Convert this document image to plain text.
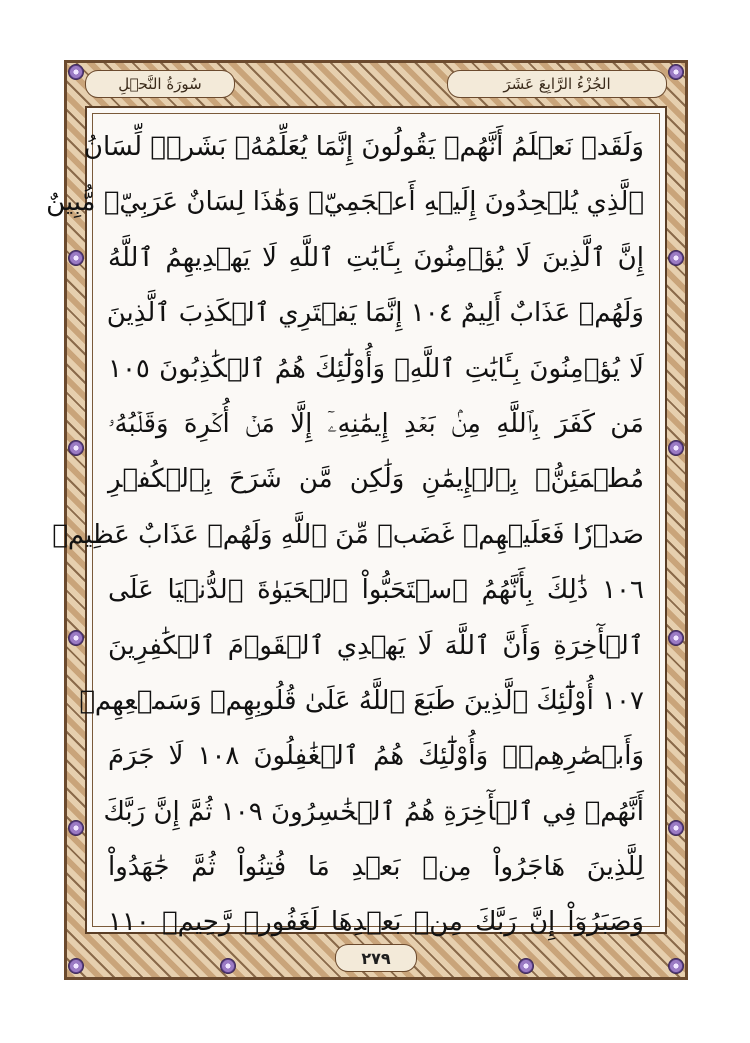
سُورَةُ النَّحۡلِ	الجُزْءُ الرَّابِعَ عَشَرَ
وَلَقَدۡ نَعۡلَمُ أَنَّهُمۡ يَقُولُونَ إِنَّمَا يُعَلِّمُهُۥ بَشَرٞۗ لِّسَانُ
ٱلَّذِي يُلۡحِدُونَ إِلَيۡهِ أَعۡجَمِيّٞ وَهَٰذَا لِسَانٌ عَرَبِيّٞ مُّبِينٌ
إِنَّ ٱلَّذِينَ لَا يُؤۡمِنُونَ بِـَٔايَٰتِ ٱللَّهِ لَا يَهۡدِيهِمُ ٱللَّهُ
وَلَهُمۡ عَذَابٌ أَلِيمٌ ١٠٤ إِنَّمَا يَفۡتَرِي ٱلۡكَذِبَ ٱلَّذِينَ
لَا يُؤۡمِنُونَ بِـَٔايَٰتِ ٱللَّهِۖ وَأُوْلَٰٓئِكَ هُمُ ٱلۡكَٰذِبُونَ ١٠٥
مَن كَفَرَ بِٱللَّهِ مِنۢ بَعۡدِ إِيمَٰنِهِۦٓ إِلَّا مَنۡ أُكۡرِهَ وَقَلۡبُهُۥ
مُطۡمَئِنُّۢ بِٱلۡإِيمَٰنِ وَلَٰكِن مَّن شَرَحَ بِٱلۡكُفۡرِ
صَدۡرٗا فَعَلَيۡهِمۡ غَضَبٞ مِّنَ ٱللَّهِ وَلَهُمۡ عَذَابٌ عَظِيمٞ
١٠٦ ذَٰلِكَ بِأَنَّهُمُ ٱسۡتَحَبُّواْ ٱلۡحَيَوٰةَ ٱلدُّنۡيَا عَلَى
ٱلۡأٓخِرَةِ وَأَنَّ ٱللَّهَ لَا يَهۡدِي ٱلۡقَوۡمَ ٱلۡكَٰفِرِينَ
١٠٧ أُوْلَٰٓئِكَ ٱلَّذِينَ طَبَعَ ٱللَّهُ عَلَىٰ قُلُوبِهِمۡ وَسَمۡعِهِمۡ
وَأَبۡصَٰرِهِمۡۖ وَأُوْلَٰٓئِكَ هُمُ ٱلۡغَٰفِلُونَ ١٠٨ لَا جَرَمَ
أَنَّهُمۡ فِي ٱلۡأٓخِرَةِ هُمُ ٱلۡخَٰسِرُونَ ١٠٩ ثُمَّ إِنَّ رَبَّكَ
لِلَّذِينَ هَاجَرُواْ مِنۢ بَعۡدِ مَا فُتِنُواْ ثُمَّ جَٰهَدُواْ
وَصَبَرُوٓاْ إِنَّ رَبَّكَ مِنۢ بَعۡدِهَا لَغَفُورٞ رَّحِيمٞ ١١٠
٢٧٩
